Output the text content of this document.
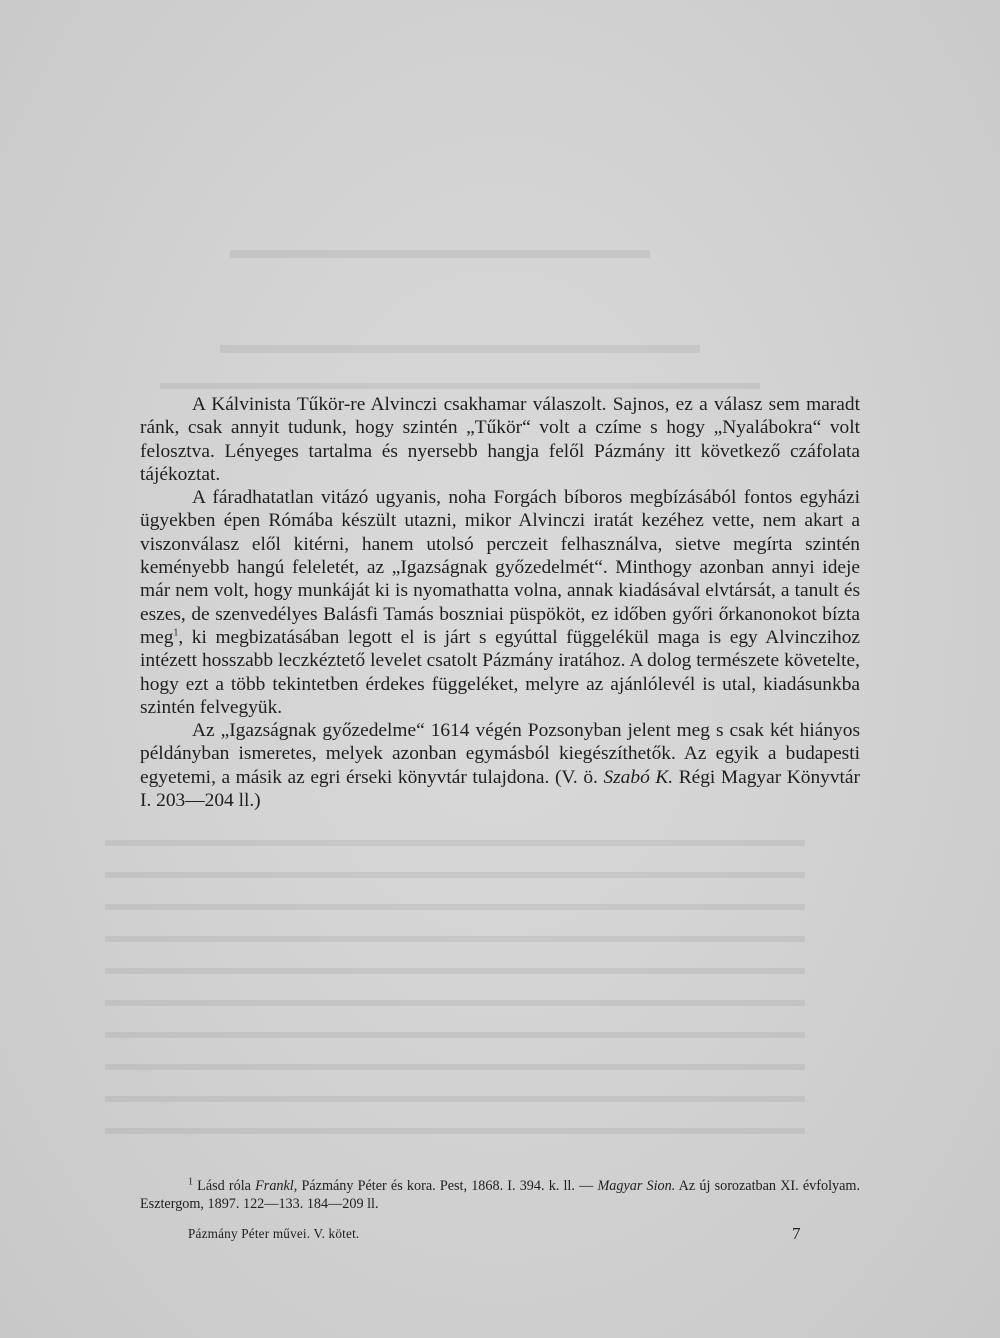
A Kálvinista Tűkör-re Alvinczi csakhamar válaszolt. Sajnos, ez a válasz sem maradt ránk, csak annyit tudunk, hogy szintén „Tűkör“ volt a czíme s hogy „Nyalábokra“ volt felosztva. Lényeges tartalma és nyersebb hangja felől Pázmány itt következő czáfolata tájékoztat.

A fáradhatatlan vitázó ugyanis, noha Forgách bíboros megbízásából fontos egyházi ügyekben épen Rómába készült utazni, mikor Alvinczi iratát kezéhez vette, nem akart a viszonválasz elől kitérni, hanem utolsó perczeit felhasználva, sietve megírta szintén keményebb hangú feleletét, az „Igazságnak győzedelmét“. Minthogy azonban annyi ideje már nem volt, hogy munkáját ki is nyomathatta volna, annak kiadásával elvtársát, a tanult és eszes, de szenvedélyes Balásfi Tamás boszniai püspököt, ez időben győri őrkanonokot bízta meg$^1$, ki megbizatásában legott el is járt s egyúttal függelékül maga is egy Alvinczihoz intézett hosszabb leczkéztető levelet csatolt Pázmány iratához. A dolog természete követelte, hogy ezt a több tekintetben érdekes függeléket, melyre az ajánlólevél is utal, kiadásunkba szintén felvegyük.

Az „Igazságnak győzedelme“ 1614 végén Pozsonyban jelent meg s csak két hiányos példányban ismeretes, melyek azonban egymásból kiegészíthetők. Az egyik a budapesti egyetemi, a másik az egri érseki könyvtár tulajdona. (V. ö. Szabó K. Régi Magyar Könyvtár I. 203—204 ll.)

$^1$ Lásd róla Frankl, Pázmány Péter és kora. Pest, 1868. I. 394. k. ll. — Magyar Sion. Az új sorozatban XI. évfolyam. Esztergom, 1897. 122—133. 184—209 ll.

Pázmány Péter művei. V. kötet.	7
